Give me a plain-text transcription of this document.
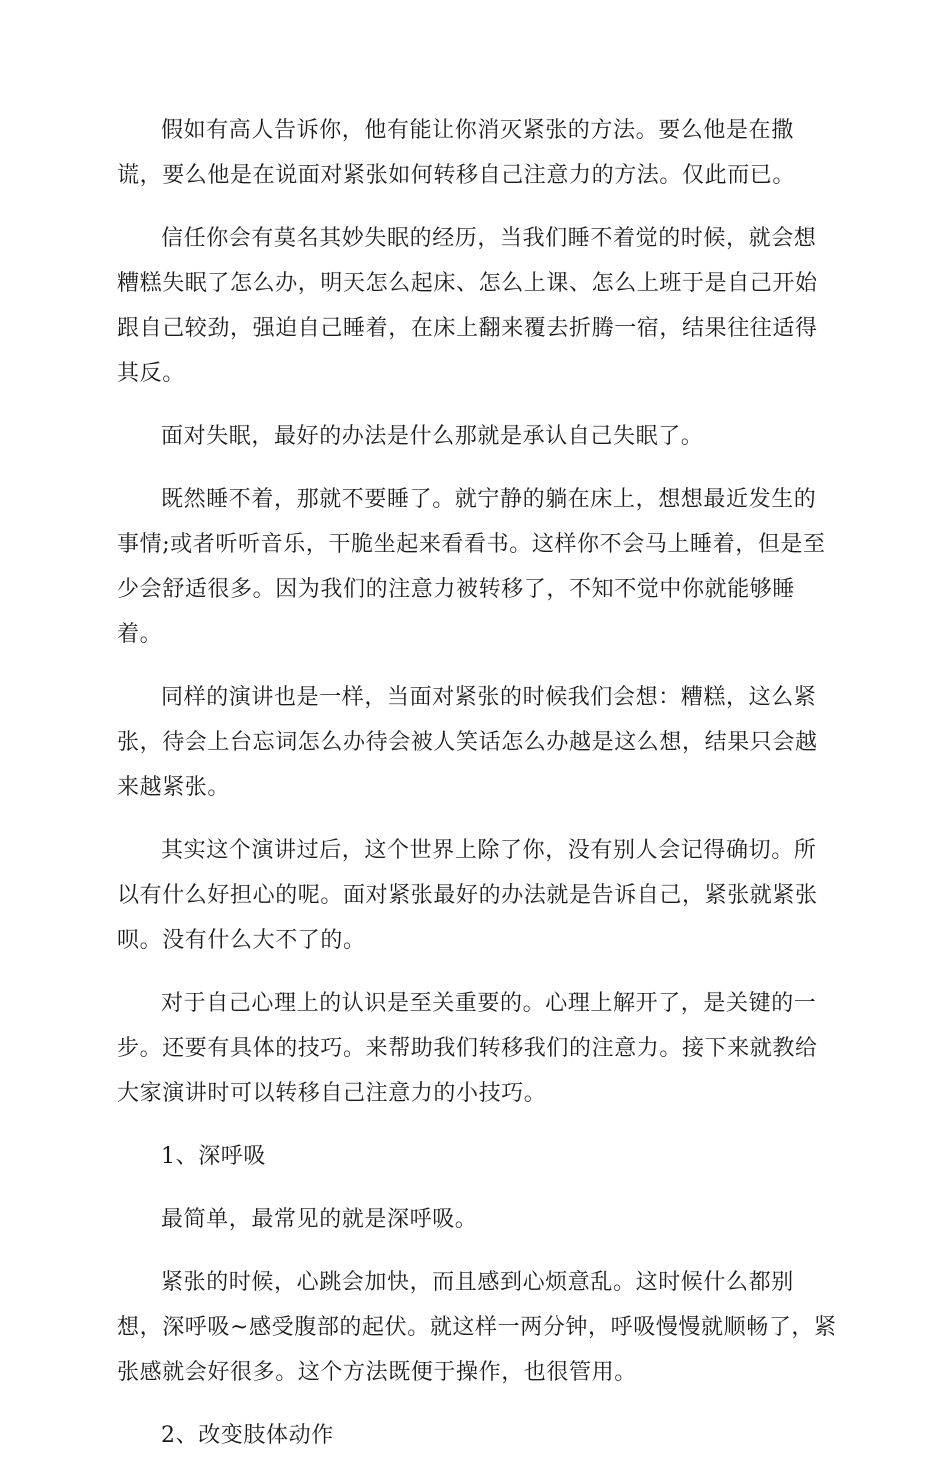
假如有高人告诉你，他有能让你消灭紧张的方法。要么他是在撒谎，要么他是在说面对紧张如何转移自己注意力的方法。仅此而已。

信任你会有莫名其妙失眠的经历，当我们睡不着觉的时候，就会想糟糕失眠了怎么办，明天怎么起床、怎么上课、怎么上班于是自己开始跟自己较劲，强迫自己睡着，在床上翻来覆去折腾一宿，结果往往适得其反。

面对失眠，最好的办法是什么那就是承认自己失眠了。

既然睡不着，那就不要睡了。就宁静的躺在床上，想想最近发生的事情;或者听听音乐，干脆坐起来看看书。这样你不会马上睡着，但是至少会舒适很多。因为我们的注意力被转移了，不知不觉中你就能够睡着。

同样的演讲也是一样，当面对紧张的时候我们会想：糟糕，这么紧张，待会上台忘词怎么办待会被人笑话怎么办越是这么想，结果只会越来越紧张。

其实这个演讲过后，这个世界上除了你，没有别人会记得确切。所以有什么好担心的呢。面对紧张最好的办法就是告诉自己，紧张就紧张呗。没有什么大不了的。

对于自己心理上的认识是至关重要的。心理上解开了，是关键的一步。还要有具体的技巧。来帮助我们转移我们的注意力。接下来就教给大家演讲时可以转移自己注意力的小技巧。

1、深呼吸

最简单，最常见的就是深呼吸。

紧张的时候，心跳会加快，而且感到心烦意乱。这时候什么都别想，深呼吸~感受腹部的起伏。就这样一两分钟，呼吸慢慢就顺畅了，紧张感就会好很多。这个方法既便于操作，也很管用。

2、改变肢体动作
